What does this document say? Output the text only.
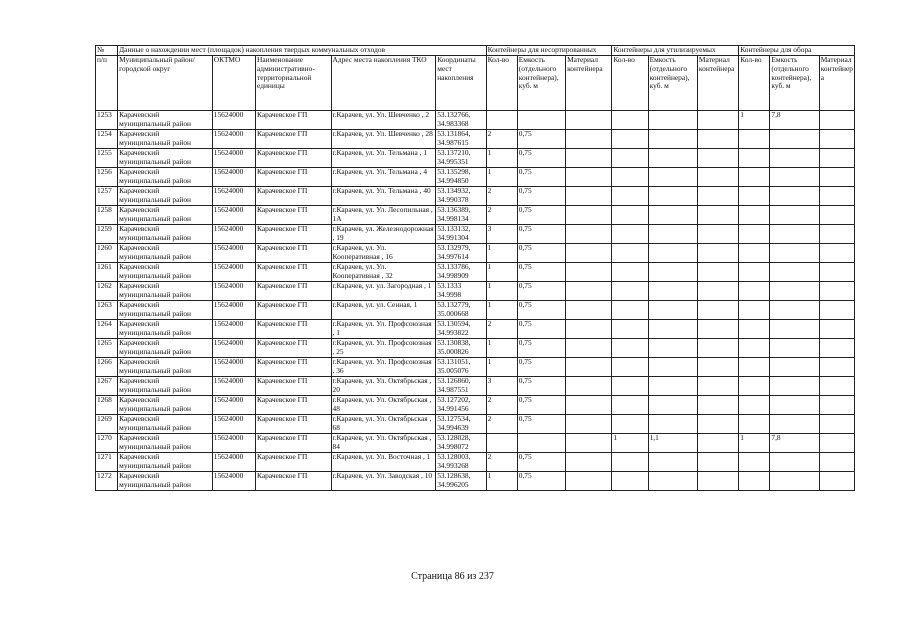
№	Данные о нахождении мест (площадок) накопления твердых коммунальных отходов					Контейнеры для несортированных			Контейнеры для утилизируемых			Контейнеры для обора		
п/п	Муниципальный район/городской округ	ОКТМО	Наименование административно-территориальной единицы	Адрес места накопления ТКО	Координаты мест накопления	Кол-во	Емкость (отдельного контейнера), куб. м	Материал контейнера	Кол-во	Емкость (отдельного контейнера), куб. м	Материал контейнера	Кол-во	Емкость (отдельного контейнера), куб. м	Материал контейнера
1253	Карачевский муниципальный район	15624000	Карачевское ГП	г.Карачев, ул. Ул. Шевченко , 2	53.132766, 34.983368							1	7,8	
1254	Карачевский муниципальный район	15624000	Карачевское ГП	г.Карачев, ул. Ул. Шевченко , 28	53.131864, 34.987615	2	0,75							
1255	Карачевский муниципальный район	15624000	Карачевское ГП	г.Карачев, ул. Ул. Тельмана , 1	53.137210, 34.995351	1	0,75							
1256	Карачевский муниципальный район	15624000	Карачевское ГП	г.Карачев, ул. Ул. Тельмана , 4	53.135298, 34.994850	1	0,75							
1257	Карачевский муниципальный район	15624000	Карачевское ГП	г.Карачев, ул. Ул. Тельмана , 40	53.134932, 34.990378	2	0,75							
1258	Карачевский муниципальный район	15624000	Карачевское ГП	г.Карачев, ул. Ул. Лесопильная , 1А	53.136389, 34.998134	2	0,75							
1259	Карачевский муниципальный район	15624000	Карачевское ГП	г.Карачев, ул. Железнодорожная , 19	53.133132, 34.991304	3	0,75							
1260	Карачевский муниципальный район	15624000	Карачевское ГП	г.Карачев, ул. Ул. Кооперативная , 16	53.132979, 34.997614	1	0,75							
1261	Карачевский муниципальный район	15624000	Карачевское ГП	г.Карачев, ул. Ул. Кооперативная , 32	53.133786, 34.998909	1	0,75							
1262	Карачевский муниципальный район	15624000	Карачевское ГП	г.Карачев, ул. ул. Загородная , 1	53.1333 34.9998	1	0,75							
1263	Карачевский муниципальный район	15624000	Карачевское ГП	г.Карачев, ул. ул. Сенная, 1	53.132779, 35.000668	1	0,75							
1264	Карачевский муниципальный район	15624000	Карачевское ГП	г.Карачев, ул. Ул. Профсоюзная , 1	53.130594, 34.993822	2	0,75							
1265	Карачевский муниципальный район	15624000	Карачевское ГП	г.Карачев, ул. Ул. Профсоюзная , 25	53.130838, 35.000826	1	0,75							
1266	Карачевский муниципальный район	15624000	Карачевское ГП	г.Карачев, ул. Ул. Профсоюзная , 36	53.131051, 35.005076	1	0,75							
1267	Карачевский муниципальный район	15624000	Карачевское ГП	г.Карачев, ул. Ул. Октябрьская , 20	53.126860, 34.987551	3	0,75							
1268	Карачевский муниципальный район	15624000	Карачевское ГП	г.Карачев, ул. Ул. Октябрьская , 48	53.127202, 34.991456	2	0,75							
1269	Карачевский муниципальный район	15624000	Карачевское ГП	г.Карачев, ул. Ул. Октябрьская , 68	53.127534, 34.994639	2	0,75							
1270	Карачевский муниципальный район	15624000	Карачевское ГП	г.Карачев, ул. Ул. Октябрьская , 84	53.128028, 34.998072				1	1,1		1	7,8	
1271	Карачевский муниципальный район	15624000	Карачевское ГП	г.Карачев, ул. Ул. Восточная , 1	53.128003, 34.993268	2	0,75							
1272	Карачевский муниципальный район	15624000	Карачевское ГП	г.Карачев, ул. Ул. Заводская , 10	53.128638, 34.996205	1	0,75							
Страница 86 из 237
